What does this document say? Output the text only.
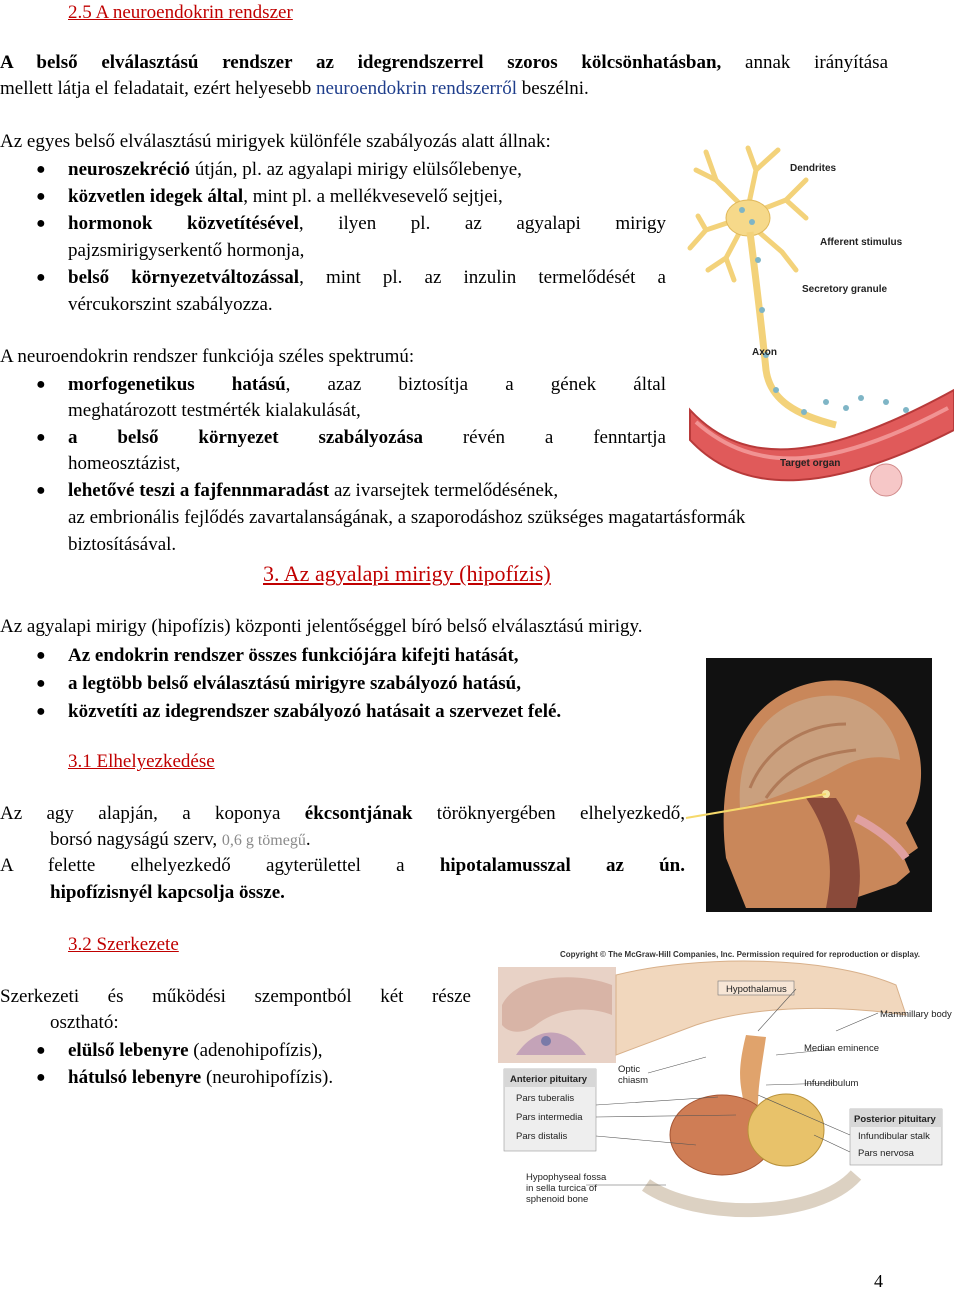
2.5 A neuroendokrin rendszer
A belső elválasztású rendszer az idegrendszerrel szoros kölcsönhatásban, annak irányítása
mellett látja el feladatait, ezért helyesebb neuroendokrin rendszerről beszélni.
Az egyes belső elválasztású mirigyek különféle szabályozás alatt állnak:
● neuroszekréció útján, pl. az agyalapi mirigy elülsőlebenye,
● közvetlen idegek által, mint pl. a mellékvesevelő sejtjei,
● hormonok közvetítésével, ilyen pl. az agyalapi mirigy
pajzsmirigyserkentő hormonja,
● belső környezetváltozással, mint pl. az inzulin termelődését a
vércukorszint szabályozza.
A neuroendokrin rendszer funkciója széles spektrumú:
● morfogenetikus hatású, azaz biztosítja a gének által
meghatározott testmérték kialakulását,
● a belső környezet szabályozása révén a fenntartja
homeosztázist,
● lehetővé teszi a fajfennmaradást az ivarsejtek termelődésének,
az embrionális fejlődés zavartalanságának, a szaporodáshoz szükséges magatartásformák
biztosításával.
Dendrites
Afferent stimulus
Secretory granule
Axon
Target organ
3. Az agyalapi mirigy (hipofízis)
Az agyalapi mirigy (hipofízis) központi jelentőséggel bíró belső elválasztású mirigy.
● Az endokrin rendszer összes funkciójára kifejti hatását,
● a legtöbb belső elválasztású mirigyre szabályozó hatású,
● közvetíti az idegrendszer szabályozó hatásait a szervezet felé.
3.1 Elhelyezkedése
Az agy alapján, a koponya ékcsontjának töröknyergében elhelyezkedő,
borsó nagyságú szerv, 0,6 g tömegű.
A felette elhelyezkedő agyterülettel a hipotalamusszal az ún.
hipofízisnyél kapcsolja össze.
3.2 Szerkezete
Szerkezeti és működési szempontból két része
osztható:
● elülső lebenyre (adenohipofízis),
● hátulsó lebenyre (neurohipofízis).
Copyright © The McGraw-Hill Companies, Inc. Permission required for reproduction or display.
Hypothalamus
Mammillary body
Median eminence
Infundibulum
Optic
chiasm
Anterior pituitary
Pars tuberalis
Pars intermedia
Pars distalis
Posterior pituitary
Infundibular stalk
Pars nervosa
Hypophyseal fossa
in sella turcica of
sphenoid bone
4
